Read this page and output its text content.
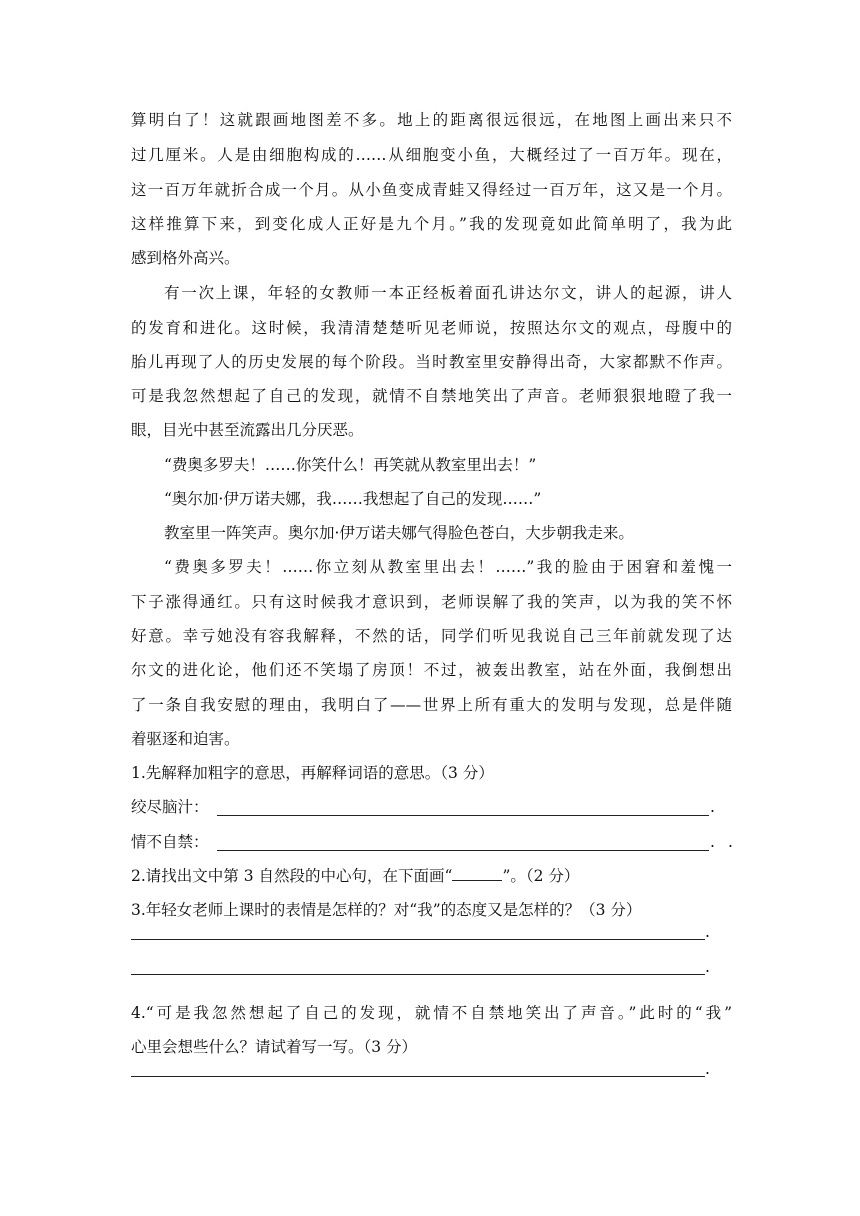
算明白了！这就跟画地图差不多。地上的距离很远很远，在地图上画出来只不
过几厘米。人是由细胞构成的……从细胞变小鱼，大概经过了一百万年。现在，
这一百万年就折合成一个月。从小鱼变成青蛙又得经过一百万年，这又是一个月。
这样推算下来，到变化成人正好是九个月。”我的发现竟如此简单明了，我为此
感到格外高兴。
有一次上课，年轻的女教师一本正经板着面孔讲达尔文，讲人的起源，讲人
的发育和进化。这时候，我清清楚楚听见老师说，按照达尔文的观点，母腹中的
胎儿再现了人的历史发展的每个阶段。当时教室里安静得出奇，大家都默不作声。
可是我忽然想起了自己的发现，就情不自禁地笑出了声音。老师狠狠地瞪了我一
眼，目光中甚至流露出几分厌恶。
“费奥多罗夫！……你笑什么！再笑就从教室里出去！”
“奥尔加·伊万诺夫娜，我……我想起了自己的发现……”
教室里一阵笑声。奥尔加·伊万诺夫娜气得脸色苍白，大步朝我走来。
“费奥多罗夫！……你立刻从教室里出去！……”我的脸由于困窘和羞愧一
下子涨得通红。只有这时候我才意识到，老师误解了我的笑声，以为我的笑不怀
好意。幸亏她没有容我解释，不然的话，同学们听见我说自己三年前就发现了达
尔文的进化论，他们还不笑塌了房顶！不过，被轰出教室，站在外面，我倒想出
了一条自我安慰的理由，我明白了——世界上所有重大的发明与发现，总是伴随
着驱逐和迫害。
1.先解释加粗字的意思，再解释词语的意思。（3 分）
绞尽脑汁：	.
情不自禁：	. .
2.请找出文中第 3 自然段的中心句，在下面画“	”。（2 分）
3.年轻女老师上课时的表情是怎样的？对“我”的态度又是怎样的？（3 分）
.
.
4.“可是我忽然想起了自己的发现，就情不自禁地笑出了声音。”此时的“我”
心里会想些什么？请试着写一写。（3 分）
.
